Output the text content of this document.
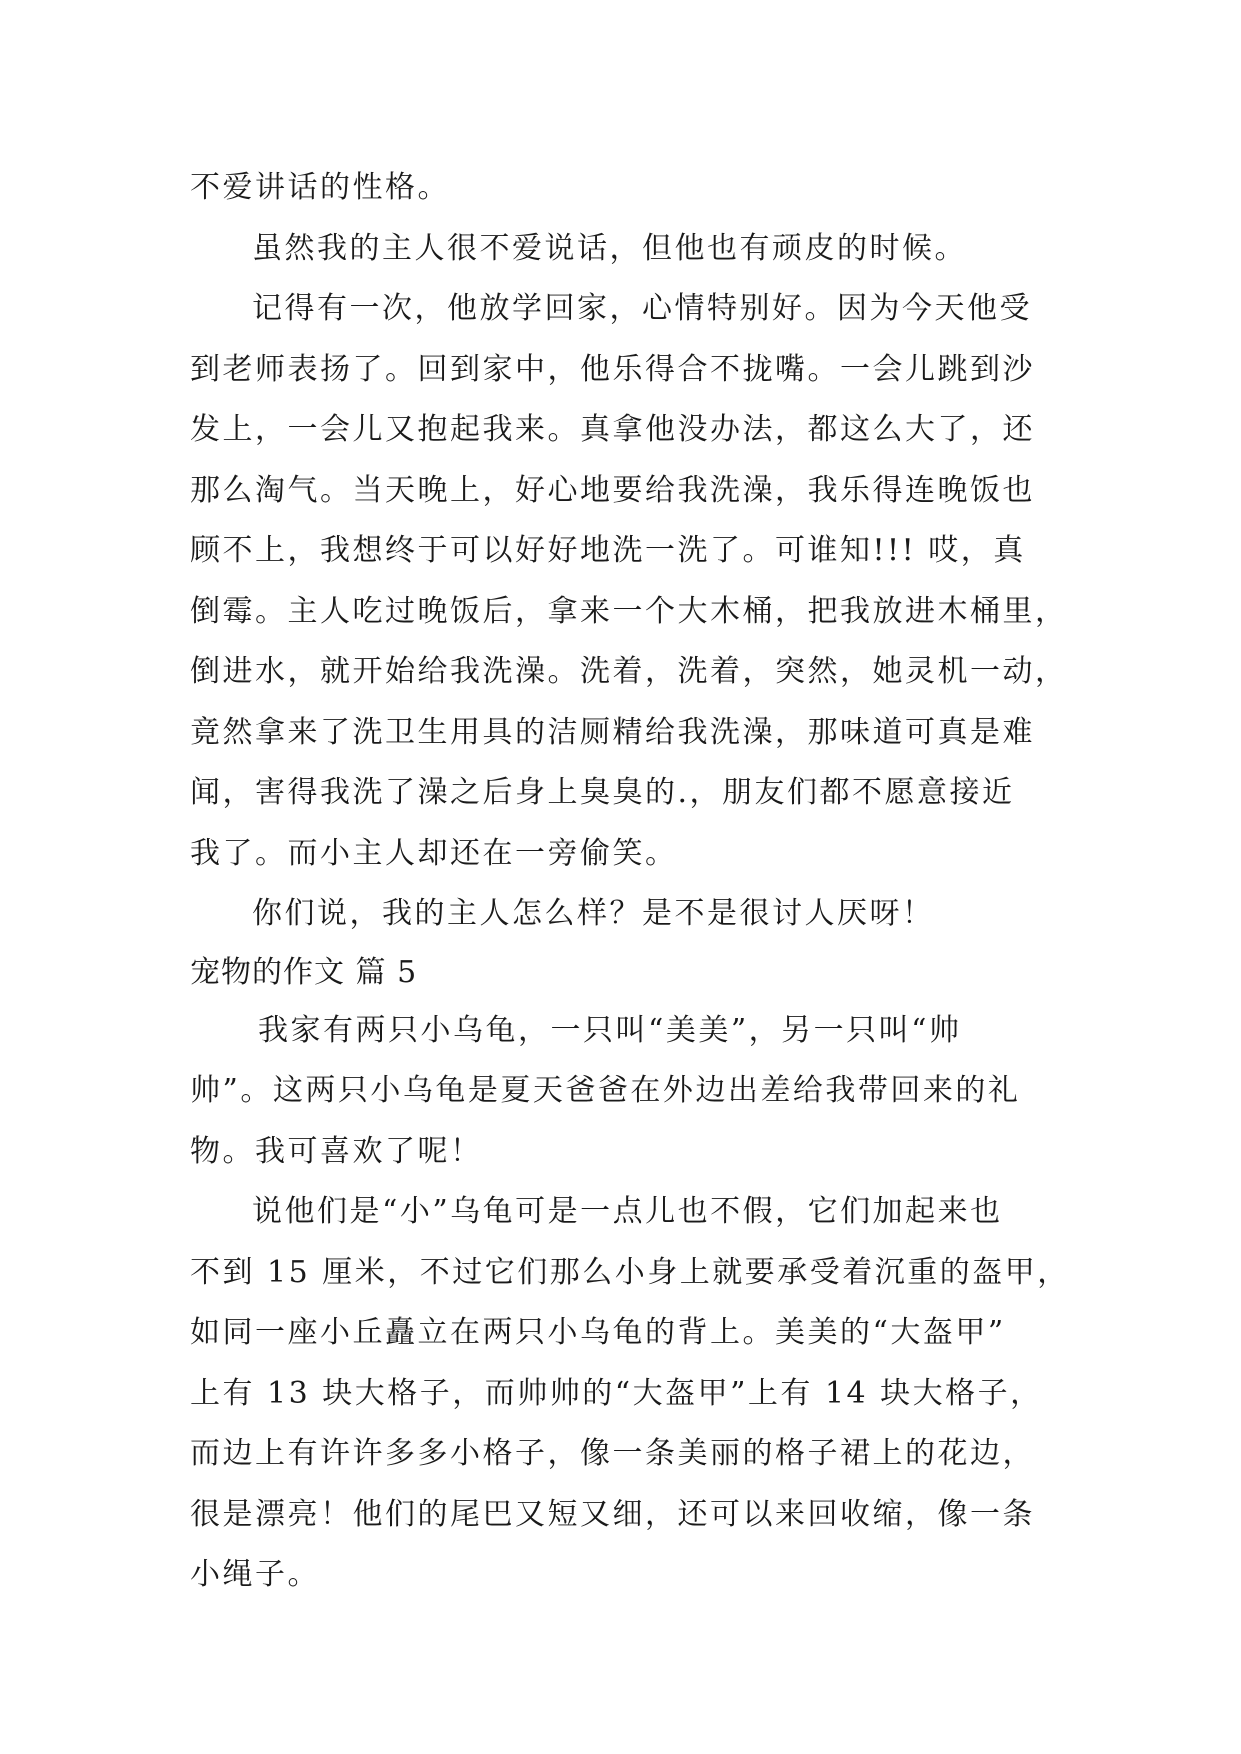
不爱讲话的性格。
虽然我的主人很不爱说话，但他也有顽皮的时候。
记得有一次，他放学回家，心情特别好。因为今天他受
到老师表扬了。回到家中，他乐得合不拢嘴。一会儿跳到沙
发上，一会儿又抱起我来。真拿他没办法，都这么大了，还
那么淘气。当天晚上，好心地要给我洗澡，我乐得连晚饭也
顾不上，我想终于可以好好地洗一洗了。可谁知!!! 哎，真
倒霉。主人吃过晚饭后，拿来一个大木桶，把我放进木桶里，
倒进水，就开始给我洗澡。洗着，洗着，突然，她灵机一动，
竟然拿来了洗卫生用具的洁厕精给我洗澡，那味道可真是难
闻，害得我洗了澡之后身上臭臭的.，朋友们都不愿意接近
我了。而小主人却还在一旁偷笑。
你们说，我的主人怎么样？是不是很讨人厌呀！
宠物的作文 篇 5
我家有两只小乌龟，一只叫“美美”，另一只叫“帅
帅”。这两只小乌龟是夏天爸爸在外边出差给我带回来的礼
物。我可喜欢了呢！
说他们是“小”乌龟可是一点儿也不假，它们加起来也
不到 15 厘米，不过它们那么小身上就要承受着沉重的盔甲，
如同一座小丘矗立在两只小乌龟的背上。美美的“大盔甲”
上有 13 块大格子，而帅帅的“大盔甲”上有 14 块大格子，
而边上有许许多多小格子，像一条美丽的格子裙上的花边，
很是漂亮！他们的尾巴又短又细，还可以来回收缩，像一条
小绳子。
